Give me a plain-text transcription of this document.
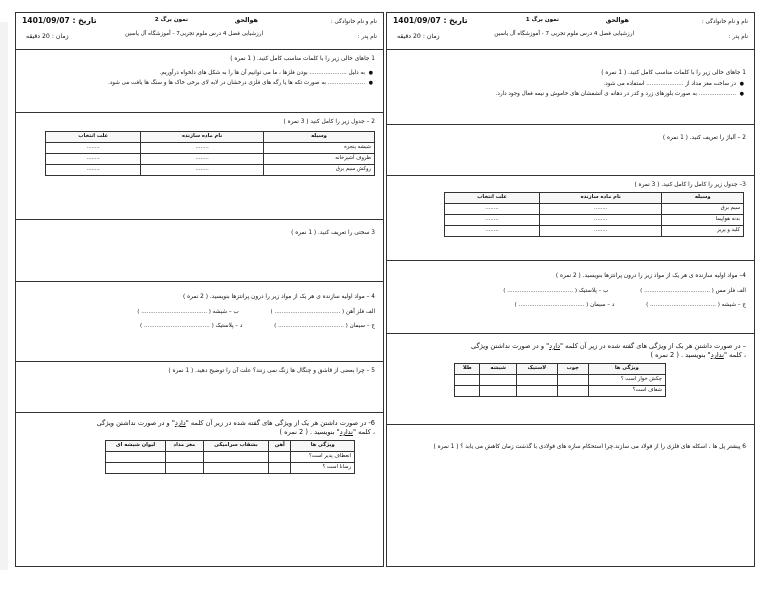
نام و نام خانوادگی :
نام پدر :
هوالحق
نمون برگ 2
ارزشیابی فصل 4 درس ملوم تجربی7 - آموزشگاه آل یاسین
تاریخ : 1401/09/07
زمان : 20 دقیقه
1 جاهای خالی زیر را با کلمات مناسب کامل کنید. ( 1 نمره )
● به دلیل ..................... بودن فلزها ، ما می توانیم آن ها را به شکل های دلخواه درآوریم.
● ..................... به صورت تکه ها یا رگه های فلزی درخشان در لابه لای برخی خاک ها و سنگ ها یافت می شود.
2 – جدول زیر را کامل کنید ( 3 نمره )
وسیله	نام ماده سازنده	علت انتخاب
شیشه پنجره	........	........
ظروف آشپزخانه	........	........
روکش سیم برق	........	........
3 سختی را تعریف کنید. ( 1 نمره )
4 – مواد اولیه سازنده ی هر یک از مواد زیر را درون پرانتزها بنویسید. ( 2 نمره )
الف فلز آهن ( ..................................... ) ب – شیشه ( ..................................... )
ج – سیمان ( ..................................... ) د – پلاستیک ( ..................................... )
5 – چرا بعضی از قاشق و چنگال ها زنگ نمی زنند؟ علت آن را توضیح دهید. ( 1 نمره )
6- در صورت داشتن هر یک از ویژگی های گفته شده در زیر آن کلمه "دارد" و در صورت نداشتن ویژگی
، کلمه "ندارد" بنویسید . ( 2 نمره )
ویژگی ها	آهن	بشقاب سرامیکی	مغز مداد	لیوان شیشه ای
انعطاف پذیر است؟				
رسانا است ؟				
نام و نام خانوادگی :
نام پدر :
هوالحق
نمون برگ 1
ارزشیابی فصل 4 درس ملوم تجربی 7 - آموزشگاه آل یاسین
تاریخ : 1401/09/07
زمان : 20 دقیقه
1 جاهای خالی زیر را با کلمات مناسب کامل کنید. ( 1 نمره )
● در ساخت مغز مداد از ..................... استفاده می شود.
● ..................... به صورت بلورهای زرد و کدر در دهانه ی آتشفشان های خاموش و نیمه فعال وجود دارد.
2 – آلیاژ را تعریف کنید. ( 1 نمره )
3– جدول زیر را کامل را کامل کنید. ( 3 نمره )
وسیله	نام ماده سازنده	علت انتخاب
سیم برق	........	........
بدنه هواپیما	........	........
کلید و پریز	........	........
4– مواد اولیه سازنده ی هر یک از مواد زیر را درون پرانتزها بنویسید. ( 2 نمره )
الف فلز مس ( ..................................... ) ب – پلاستیک ( ..................................... )
ج – شیشه ( ..................................... ) د – سیمان ( ..................................... )
– در صورت داشتن هر یک از ویژگی های گفته شده در زیر آن کلمه "دارد" و در صورت نداشتن ویژگی
، کلمه "ندارد" بنویسید . ( 2 نمره )
ویژگی ها	چوب	لاستیک	شیشه	طلا
چکش خوار است ؟				
شفاف است؟				
6 پیشتر پل ها ، اسکله های فلزی را از فولاد می سازند.چرا استحکام سازه های فولادی با گذشت زمان کاهش می یابد ؟ ( 1 نمره )
